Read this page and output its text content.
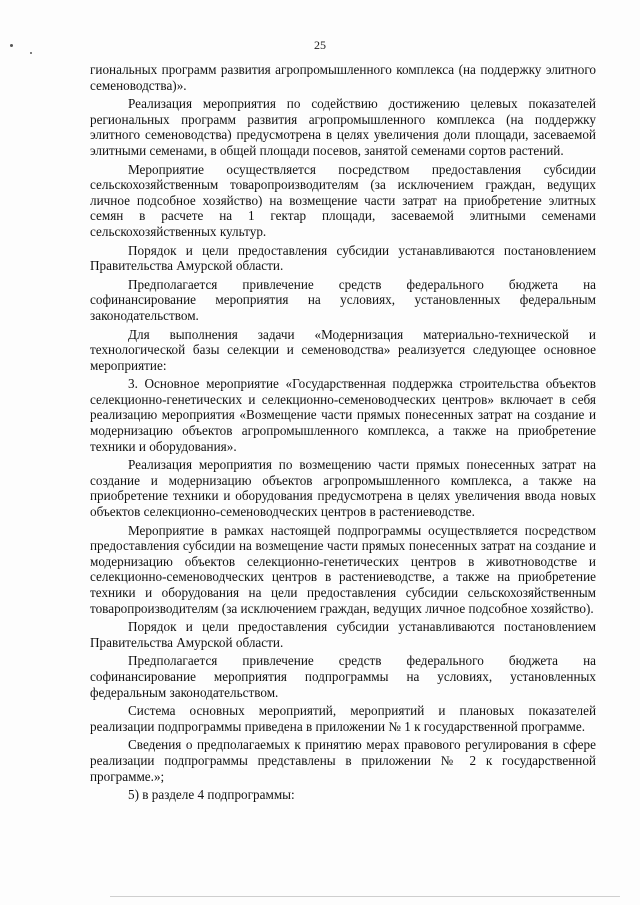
25

гиональных программ развития агропромышленного комплекса (на поддержку элитного семеноводства)».

Реализация мероприятия по содействию достижению целевых показателей региональных программ развития агропромышленного комплекса (на поддержку элитного семеноводства) предусмотрена в целях увеличения доли площади, засеваемой элитными семенами, в общей площади посевов, занятой семенами сортов растений.

Мероприятие осуществляется посредством предоставления субсидии сельскохозяйственным товаропроизводителям (за исключением граждан, ведущих личное подсобное хозяйство) на возмещение части затрат на приобретение элитных семян в расчете на 1 гектар площади, засеваемой элитными семенами сельскохозяйственных культур.

Порядок и цели предоставления субсидии устанавливаются постановлением Правительства Амурской области.

Предполагается привлечение средств федерального бюджета на софинансирование мероприятия на условиях, установленных федеральным законодательством.

Для выполнения задачи «Модернизация материально-технической и технологической базы селекции и семеноводства» реализуется следующее основное мероприятие:

3. Основное мероприятие «Государственная поддержка строительства объектов селекционно-генетических и селекционно-семеноводческих центров» включает в себя реализацию мероприятия «Возмещение части прямых понесенных затрат на создание и модернизацию объектов агропромышленного комплекса, а также на приобретение техники и оборудования».

Реализация мероприятия по возмещению части прямых понесенных затрат на создание и модернизацию объектов агропромышленного комплекса, а также на приобретение техники и оборудования предусмотрена в целях увеличения ввода новых объектов селекционно-семеноводческих центров в растениеводстве.

Мероприятие в рамках настоящей подпрограммы осуществляется посредством предоставления субсидии на возмещение части прямых понесенных затрат на создание и модернизацию объектов селекционно-генетических центров в животноводстве и селекционно-семеноводческих центров в растениеводстве, а также на приобретение техники и оборудования на цели предоставления субсидии сельскохозяйственным товаропроизводителям (за исключением граждан, ведущих личное подсобное хозяйство).

Порядок и цели предоставления субсидии устанавливаются постановлением Правительства Амурской области.

Предполагается привлечение средств федерального бюджета на софинансирование мероприятия подпрограммы на условиях, установленных федеральным законодательством.

Система основных мероприятий, мероприятий и плановых показателей реализации подпрограммы приведена в приложении № 1 к государственной программе.

Сведения о предполагаемых к принятию мерах правового регулирования в сфере реализации подпрограммы представлены в приложении № 2 к государственной программе.»;

5) в разделе 4 подпрограммы:
